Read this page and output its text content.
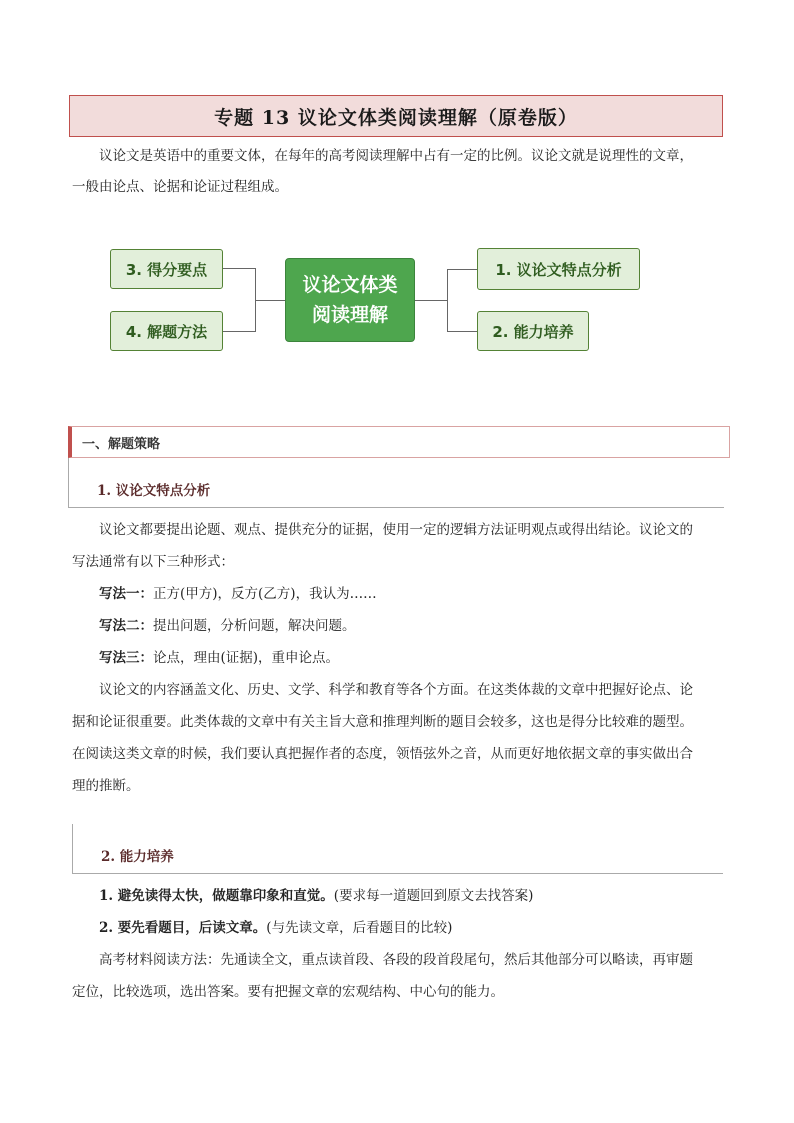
专题 13 议论文体类阅读理解（原卷版）
议论文是英语中的重要文体，在每年的高考阅读理解中占有一定的比例。议论文就是说理性的文章，
一般由论点、论据和论证过程组成。
3. 得分要点
4. 解题方法
1. 议论文特点分析
2. 能力培养
议论文体类
阅读理解
一、解题策略
1. 议论文特点分析
议论文都要提出论题、观点、提供充分的证据，使用一定的逻辑方法证明观点或得出结论。议论文的
写法通常有以下三种形式：
写法一：正方(甲方)，反方(乙方)，我认为……
写法二：提出问题，分析问题，解决问题。
写法三：论点，理由(证据)，重申论点。
议论文的内容涵盖文化、历史、文学、科学和教育等各个方面。在这类体裁的文章中把握好论点、论
据和论证很重要。此类体裁的文章中有关主旨大意和推理判断的题目会较多，这也是得分比较难的题型。
在阅读这类文章的时候，我们要认真把握作者的态度，领悟弦外之音，从而更好地依据文章的事实做出合
理的推断。
2. 能力培养
1. 避免读得太快，做题靠印象和直觉。(要求每一道题回到原文去找答案)
2. 要先看题目，后读文章。(与先读文章，后看题目的比较)
高考材料阅读方法：先通读全文，重点读首段、各段的段首段尾句，然后其他部分可以略读，再审题
定位，比较选项，选出答案。要有把握文章的宏观结构、中心句的能力。
